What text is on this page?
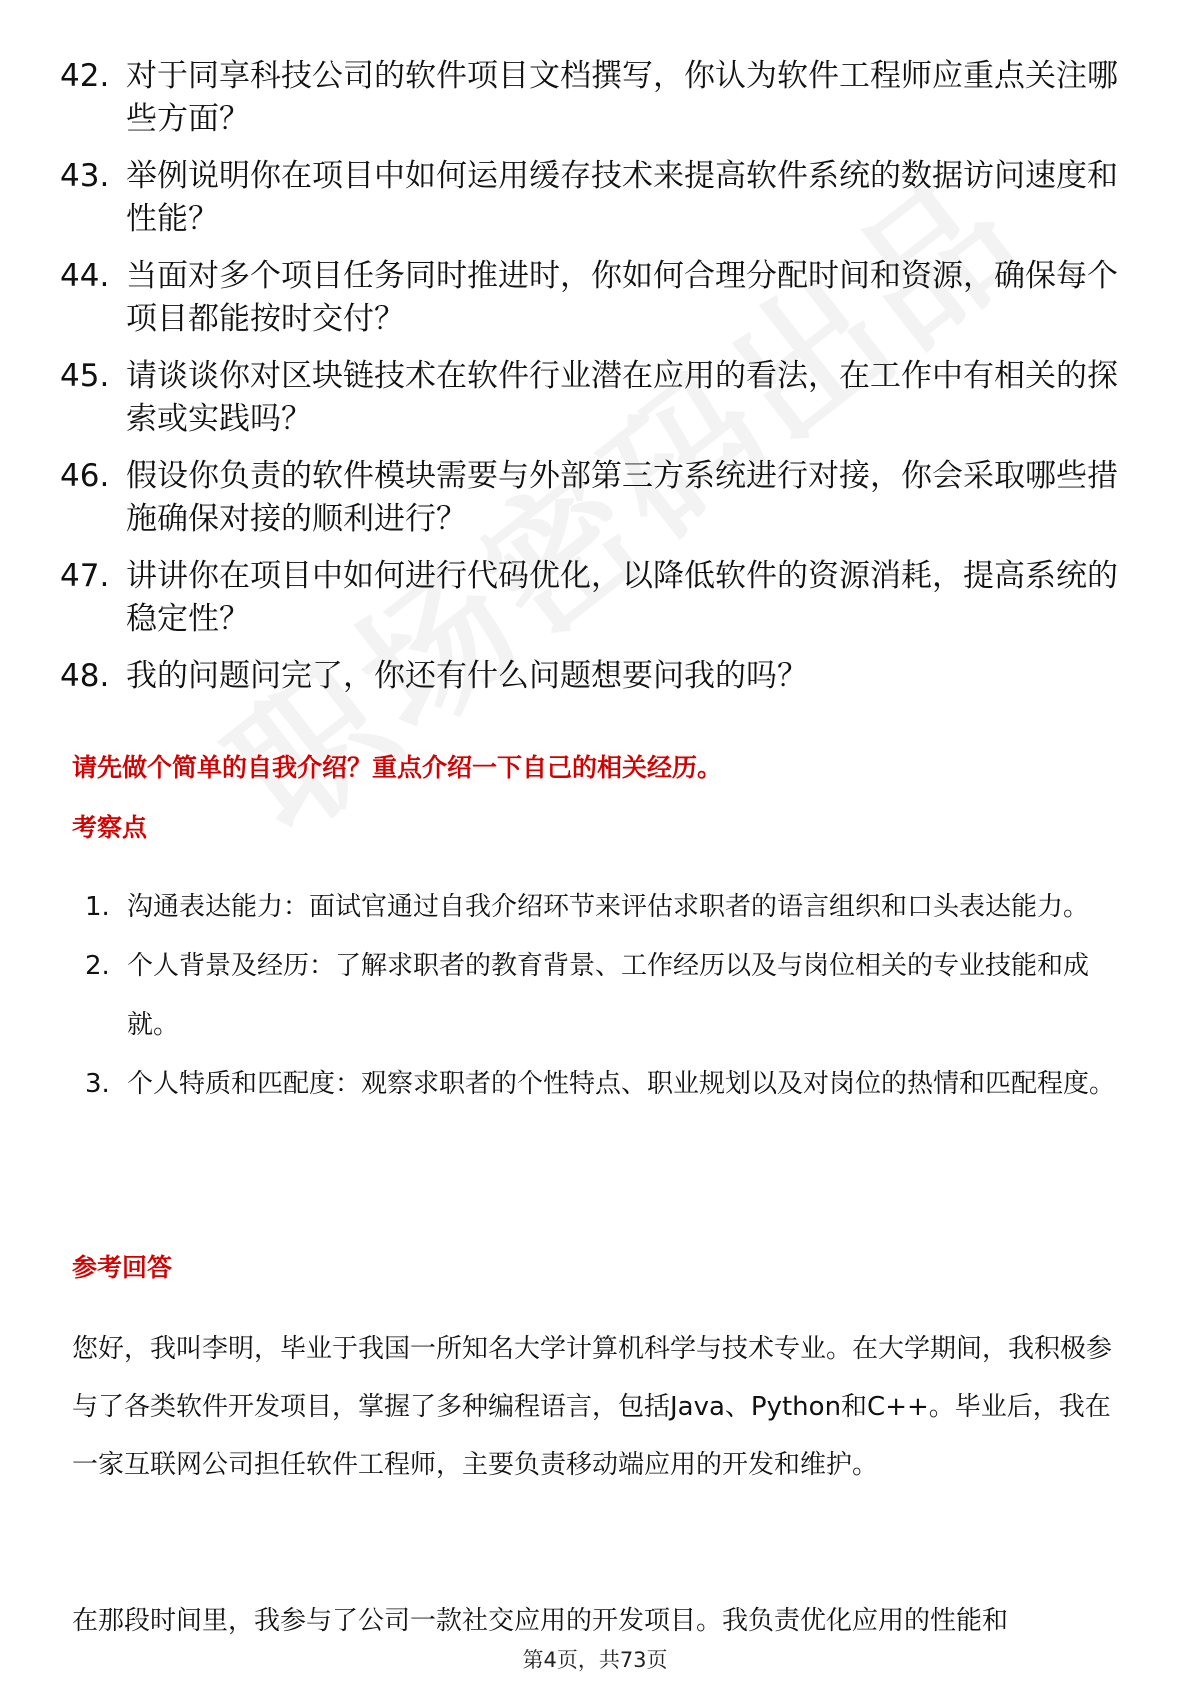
42. 对于同享科技公司的软件项目文档撰写，你认为软件工程师应重点关注哪些方面？
43. 举例说明你在项目中如何运用缓存技术来提高软件系统的数据访问速度和性能？
44. 当面对多个项目任务同时推进时，你如何合理分配时间和资源，确保每个项目都能按时交付？
45. 请谈谈你对区块链技术在软件行业潜在应用的看法，在工作中有相关的探索或实践吗？
46. 假设你负责的软件模块需要与外部第三方系统进行对接，你会采取哪些措施确保对接的顺利进行？
47. 讲讲你在项目中如何进行代码优化，以降低软件的资源消耗，提高系统的稳定性？
48. 我的问题问完了，你还有什么问题想要问我的吗？

请先做个简单的自我介绍？重点介绍一下自己的相关经历。

考察点

1. 沟通表达能力：面试官通过自我介绍环节来评估求职者的语言组织和口头表达能力。
2. 个人背景及经历：了解求职者的教育背景、工作经历以及与岗位相关的专业技能和成就。
3. 个人特质和匹配度：观察求职者的个性特点、职业规划以及对岗位的热情和匹配程度。

参考回答

您好，我叫李明，毕业于我国一所知名大学计算机科学与技术专业。在大学期间，我积极参与了各类软件开发项目，掌握了多种编程语言，包括Java、Python和C++。毕业后，我在一家互联网公司担任软件工程师，主要负责移动端应用的开发和维护。

在那段时间里，我参与了公司一款社交应用的开发项目。我负责优化应用的性能和

第4页，共73页
